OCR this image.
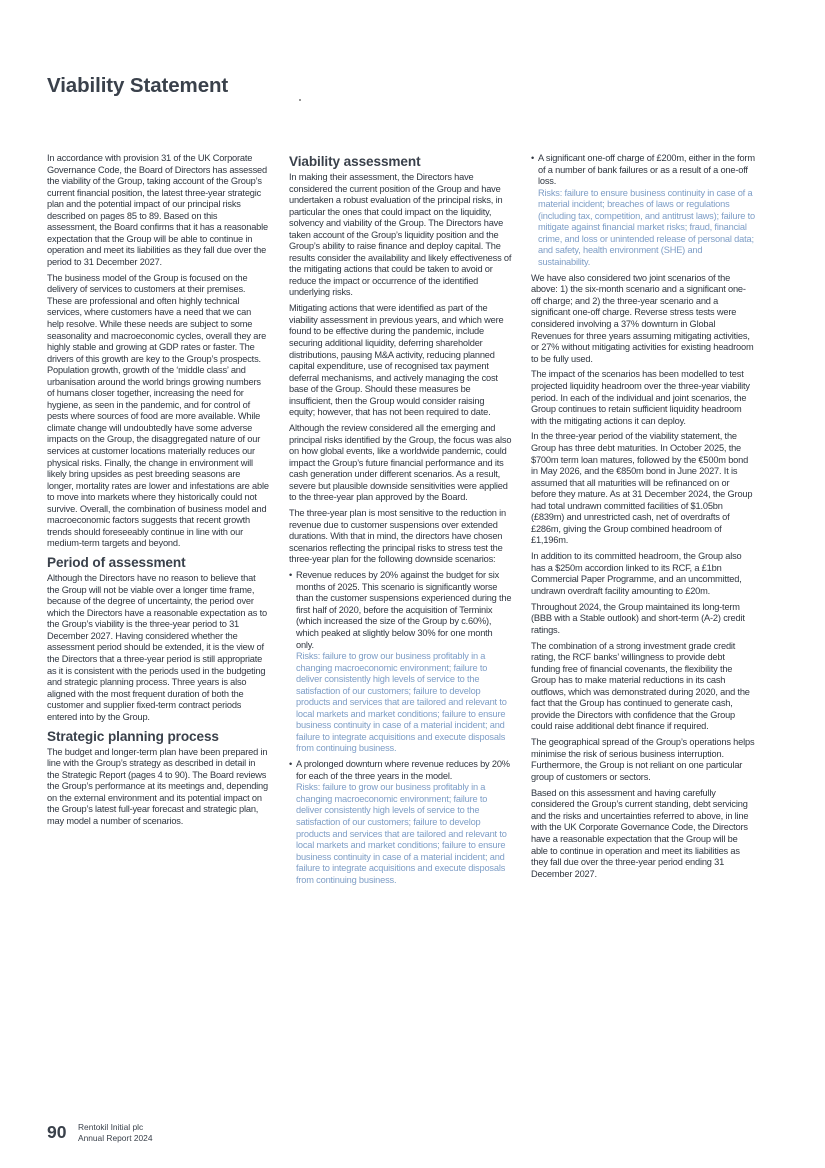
Viability Statement

In accordance with provision 31 of the UK Corporate Governance Code, the Board of Directors has assessed the viability of the Group, taking account of the Group’s current financial position, the latest three-year strategic plan and the potential impact of our principal risks described on pages 85 to 89. Based on this assessment, the Board confirms that it has a reasonable expectation that the Group will be able to continue in operation and meet its liabilities as they fall due over the period to 31 December 2027.

The business model of the Group is focused on the delivery of services to customers at their premises. These are professional and often highly technical services, where customers have a need that we can help resolve. While these needs are subject to some seasonality and macroeconomic cycles, overall they are highly stable and growing at GDP rates or faster. The drivers of this growth are key to the Group’s prospects. Population growth, growth of the ‘middle class’ and urbanisation around the world brings growing numbers of humans closer together, increasing the need for hygiene, as seen in the pandemic, and for control of pests where sources of food are more available. While climate change will undoubtedly have some adverse impacts on the Group, the disaggregated nature of our services at customer locations materially reduces our physical risks. Finally, the change in environment will likely bring upsides as pest breeding seasons are longer, mortality rates are lower and infestations are able to move into markets where they historically could not survive. Overall, the combination of business model and macroeconomic factors suggests that recent growth trends should foreseeably continue in line with our medium-term targets and beyond.

Period of assessment

Although the Directors have no reason to believe that the Group will not be viable over a longer time frame, because of the degree of uncertainty, the period over which the Directors have a reasonable expectation as to the Group’s viability is the three-year period to 31 December 2027. Having considered whether the assessment period should be extended, it is the view of the Directors that a three-year period is still appropriate as it is consistent with the periods used in the budgeting and strategic planning process. Three years is also aligned with the most frequent duration of both the customer and supplier fixed-term contract periods entered into by the Group.

Strategic planning process

The budget and longer-term plan have been prepared in line with the Group’s strategy as described in detail in the Strategic Report (pages 4 to 90). The Board reviews the Group’s performance at its meetings and, depending on the external environment and its potential impact on the Group’s latest full-year forecast and strategic plan, may model a number of scenarios.

Viability assessment

In making their assessment, the Directors have considered the current position of the Group and have undertaken a robust evaluation of the principal risks, in particular the ones that could impact on the liquidity, solvency and viability of the Group. The Directors have taken account of the Group’s liquidity position and the Group’s ability to raise finance and deploy capital. The results consider the availability and likely effectiveness of the mitigating actions that could be taken to avoid or reduce the impact or occurrence of the identified underlying risks.

Mitigating actions that were identified as part of the viability assessment in previous years, and which were found to be effective during the pandemic, include securing additional liquidity, deferring shareholder distributions, pausing M&A activity, reducing planned capital expenditure, use of recognised tax payment deferral mechanisms, and actively managing the cost base of the Group. Should these measures be insufficient, then the Group would consider raising equity; however, that has not been required to date.

Although the review considered all the emerging and principal risks identified by the Group, the focus was also on how global events, like a worldwide pandemic, could impact the Group’s future financial performance and its cash generation under different scenarios. As a result, severe but plausible downside sensitivities were applied to the three-year plan approved by the Board.

The three-year plan is most sensitive to the reduction in revenue due to customer suspensions over extended durations. With that in mind, the directors have chosen scenarios reflecting the principal risks to stress test the three-year plan for the following downside scenarios:

• Revenue reduces by 20% against the budget for six months of 2025. This scenario is significantly worse than the customer suspensions experienced during the first half of 2020, before the acquisition of Terminix (which increased the size of the Group by c.60%), which peaked at slightly below 30% for one month only.
Risks: failure to grow our business profitably in a changing macroeconomic environment; failure to deliver consistently high levels of service to the satisfaction of our customers; failure to develop products and services that are tailored and relevant to local markets and market conditions; failure to ensure business continuity in case of a material incident; and failure to integrate acquisitions and execute disposals from continuing business.
• A prolonged downturn where revenue reduces by 20% for each of the three years in the model.
Risks: failure to grow our business profitably in a changing macroeconomic environment; failure to deliver consistently high levels of service to the satisfaction of our customers; failure to develop products and services that are tailored and relevant to local markets and market conditions; failure to ensure business continuity in case of a material incident; and failure to integrate acquisitions and execute disposals from continuing business.
• A significant one-off charge of £200m, either in the form of a number of bank failures or as a result of a one-off loss.
Risks: failure to ensure business continuity in case of a material incident; breaches of laws or regulations (including tax, competition, and antitrust laws); failure to mitigate against financial market risks; fraud, financial crime, and loss or unintended release of personal data; and safety, health environment (SHE) and sustainability.

We have also considered two joint scenarios of the above: 1) the six-month scenario and a significant one-off charge; and 2) the three-year scenario and a significant one-off charge. Reverse stress tests were considered involving a 37% downturn in Global Revenues for three years assuming mitigating activities, or 27% without mitigating activities for existing headroom to be fully used.

The impact of the scenarios has been modelled to test projected liquidity headroom over the three-year viability period. In each of the individual and joint scenarios, the Group continues to retain sufficient liquidity headroom with the mitigating actions it can deploy.

In the three-year period of the viability statement, the Group has three debt maturities. In October 2025, the $700m term loan matures, followed by the €500m bond in May 2026, and the €850m bond in June 2027. It is assumed that all maturities will be refinanced on or before they mature. As at 31 December 2024, the Group had total undrawn committed facilities of $1.05bn (£839m) and unrestricted cash, net of overdrafts of £286m, giving the Group combined headroom of £1,196m.

In addition to its committed headroom, the Group also has a $250m accordion linked to its RCF, a £1bn Commercial Paper Programme, and an uncommitted, undrawn overdraft facility amounting to £20m.

Throughout 2024, the Group maintained its long-term (BBB with a Stable outlook) and short-term (A-2) credit ratings.

The combination of a strong investment grade credit rating, the RCF banks’ willingness to provide debt funding free of financial covenants, the flexibility the Group has to make material reductions in its cash outflows, which was demonstrated during 2020, and the fact that the Group has continued to generate cash, provide the Directors with confidence that the Group could raise additional debt finance if required.

The geographical spread of the Group’s operations helps minimise the risk of serious business interruption. Furthermore, the Group is not reliant on one particular group of customers or sectors.

Based on this assessment and having carefully considered the Group’s current standing, debt servicing and the risks and uncertainties referred to above, in line with the UK Corporate Governance Code, the Directors have a reasonable expectation that the Group will be able to continue in operation and meet its liabilities as they fall due over the three-year period ending 31 December 2027.

90 Rentokil Initial plc
Annual Report 2024
